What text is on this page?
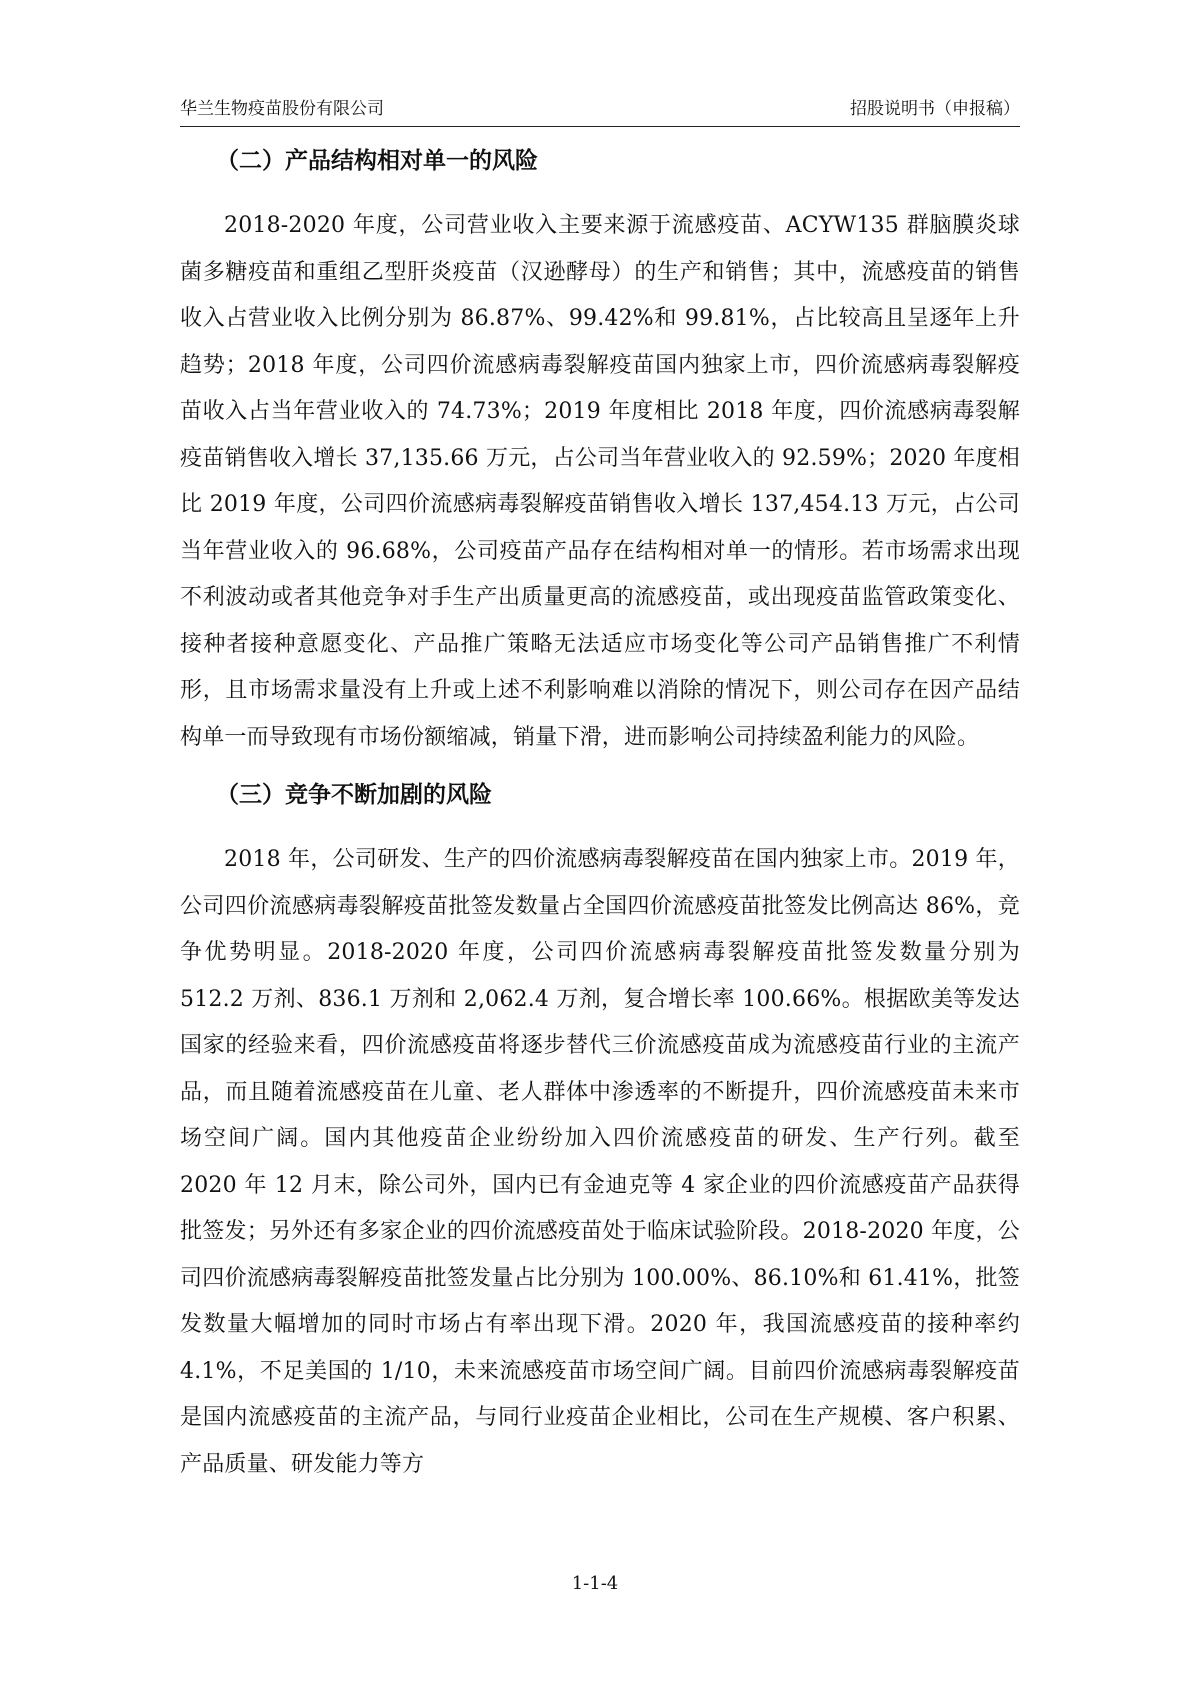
华兰生物疫苗股份有限公司	招股说明书（申报稿）
（二）产品结构相对单一的风险

2018-2020 年度，公司营业收入主要来源于流感疫苗、ACYW135 群脑膜炎球菌多糖疫苗和重组乙型肝炎疫苗（汉逊酵母）的生产和销售；其中，流感疫苗的销售收入占营业收入比例分别为 86.87%、99.42%和 99.81%，占比较高且呈逐年上升趋势；2018 年度，公司四价流感病毒裂解疫苗国内独家上市，四价流感病毒裂解疫苗收入占当年营业收入的 74.73%；2019 年度相比 2018 年度，四价流感病毒裂解疫苗销售收入增长 37,135.66 万元，占公司当年营业收入的 92.59%；2020 年度相比 2019 年度，公司四价流感病毒裂解疫苗销售收入增长 137,454.13 万元，占公司当年营业收入的 96.68%，公司疫苗产品存在结构相对单一的情形。若市场需求出现不利波动或者其他竞争对手生产出质量更高的流感疫苗，或出现疫苗监管政策变化、接种者接种意愿变化、产品推广策略无法适应市场变化等公司产品销售推广不利情形，且市场需求量没有上升或上述不利影响难以消除的情况下，则公司存在因产品结构单一而导致现有市场份额缩减，销量下滑，进而影响公司持续盈利能力的风险。

（三）竞争不断加剧的风险

2018 年，公司研发、生产的四价流感病毒裂解疫苗在国内独家上市。2019 年，公司四价流感病毒裂解疫苗批签发数量占全国四价流感疫苗批签发比例高达 86%，竞争优势明显。2018-2020 年度，公司四价流感病毒裂解疫苗批签发数量分别为 512.2 万剂、836.1 万剂和 2,062.4 万剂，复合增长率 100.66%。根据欧美等发达国家的经验来看，四价流感疫苗将逐步替代三价流感疫苗成为流感疫苗行业的主流产品，而且随着流感疫苗在儿童、老人群体中渗透率的不断提升，四价流感疫苗未来市场空间广阔。国内其他疫苗企业纷纷加入四价流感疫苗的研发、生产行列。截至 2020 年 12 月末，除公司外，国内已有金迪克等 4 家企业的四价流感疫苗产品获得批签发；另外还有多家企业的四价流感疫苗处于临床试验阶段。2018-2020 年度，公司四价流感病毒裂解疫苗批签发量占比分别为 100.00%、86.10%和 61.41%，批签发数量大幅增加的同时市场占有率出现下滑。2020 年，我国流感疫苗的接种率约 4.1%，不足美国的 1/10，未来流感疫苗市场空间广阔。目前四价流感病毒裂解疫苗是国内流感疫苗的主流产品，与同行业疫苗企业相比，公司在生产规模、客户积累、产品质量、研发能力等方

1-1-4
